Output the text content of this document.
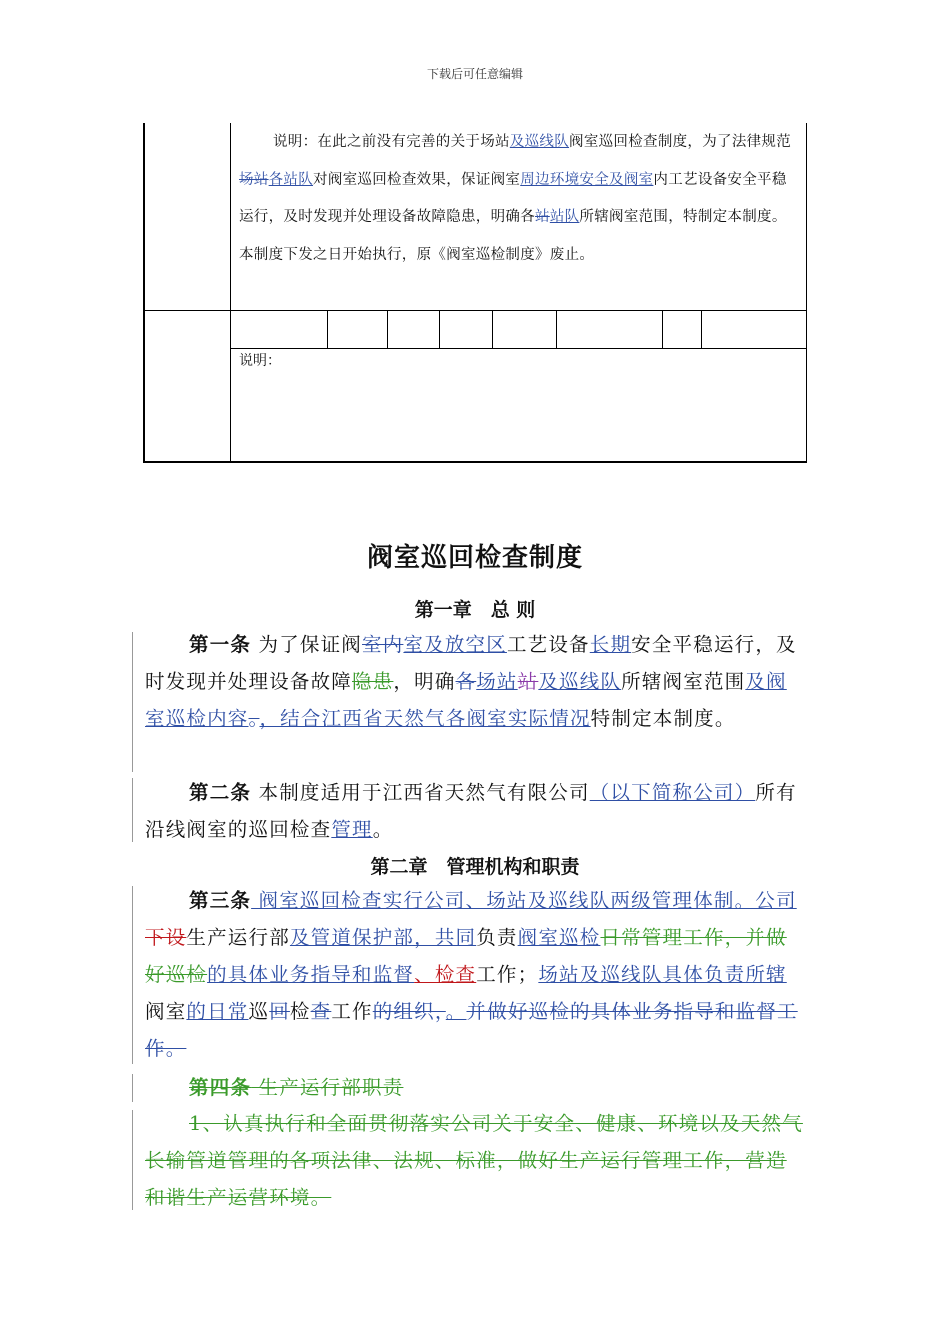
下载后可任意编辑
说明：在此之前没有完善的关于场站及巡线队阀室巡回检查制度，为了法律规范场站各站队对阀室巡回检查效果，保证阀室周边环境安全及阀室内工艺设备安全平稳运行，及时发现并处理设备故障隐患，明确各站站队所辖阀室范围，特制定本制度。本制度下发之日开始执行，原《阀室巡检制度》废止。
说明：
阀室巡回检查制度
第一章　总 则
第一条 为了保证阀室内室及放空区工艺设备长期安全平稳运行，及时发现并处理设备故障隐患，明确各场站站及巡线队所辖阀室范围及阀室巡检内容。，结合江西省天然气各阀室实际情况特制定本制度。
第二条 本制度适用于江西省天然气有限公司（以下简称公司）所有沿线阀室的巡回检查管理。
第二章　管理机构和职责
第三条 阀室巡回检查实行公司、场站及巡线队两级管理体制。公司下设生产运行部及管道保护部，共同负责阀室巡检日常管理工作，并做好巡检的具体业务指导和监督、检查工作；场站及巡线队具体负责所辖阀室的日常巡回检查工作的组织，。并做好巡检的具体业务指导和监督工作。
第四条 生产运行部职责
1、认真执行和全面贯彻落实公司关于安全、健康、环境以及天然气长输管道管理的各项法律、法规、标准，做好生产运行管理工作，营造和谐生产运营环境。
